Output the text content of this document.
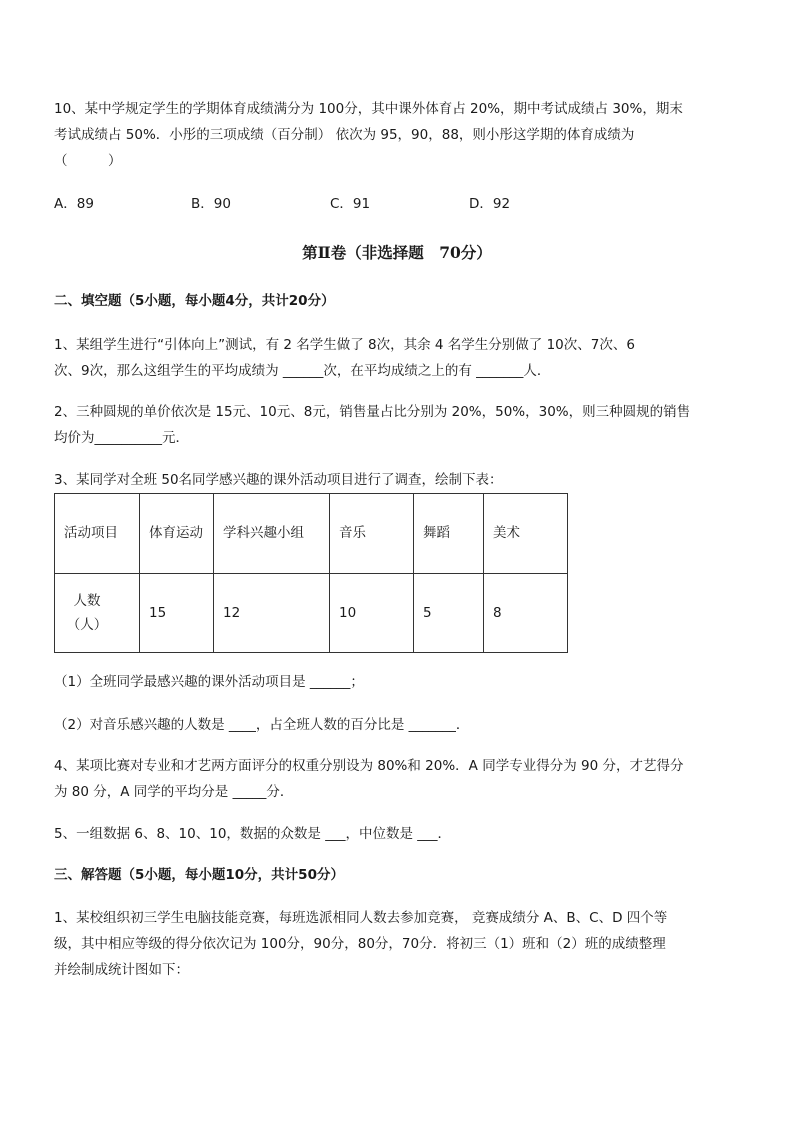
10、某中学规定学生的学期体育成绩满分为 100分，其中课外体育占 20%，期中考试成绩占 30%，期末
考试成绩占 50%．小彤的三项成绩（百分制） 依次为 95，90，88，则小彤这学期的体育成绩为
（　　　）
A．89	B．90	C．91	D．92
第Ⅱ卷（非选择题　70分）
二、填空题（5小题，每小题4分，共计20分）
1、某组学生进行“引体向上”测试，有 2 名学生做了 8次，其余 4 名学生分别做了 10次、7次、6
次、9次，那么这组学生的平均成绩为 ______次，在平均成绩之上的有 _______人．
2、三种圆规的单价依次是 15元、10元、8元，销售量占比分别为 20%，50%，30%，则三种圆规的销售
均价为__________元．
3、某同学对全班 50名同学感兴趣的课外活动项目进行了调查，绘制下表：
活动项目	体育运动	学科兴趣小组	音乐	舞蹈	美术

人数（人）	15	12	10	5	8
（1）全班同学最感兴趣的课外活动项目是 ______；
（2）对音乐感兴趣的人数是 ____，占全班人数的百分比是 _______．
4、某项比赛对专业和才艺两方面评分的权重分别设为 80%和 20%．A 同学专业得分为 90 分，才艺得分
为 80 分，A 同学的平均分是 _____分．
5、一组数据 6、8、10、10，数据的众数是 ___，中位数是 ___．
三、解答题（5小题，每小题10分，共计50分）
1、某校组织初三学生电脑技能竞赛，每班选派相同人数去参加竞赛， 竞赛成绩分 A、B、C、D 四个等
级，其中相应等级的得分依次记为 100分，90分，80分，70分．将初三（1）班和（2）班的成绩整理
并绘制成统计图如下：
